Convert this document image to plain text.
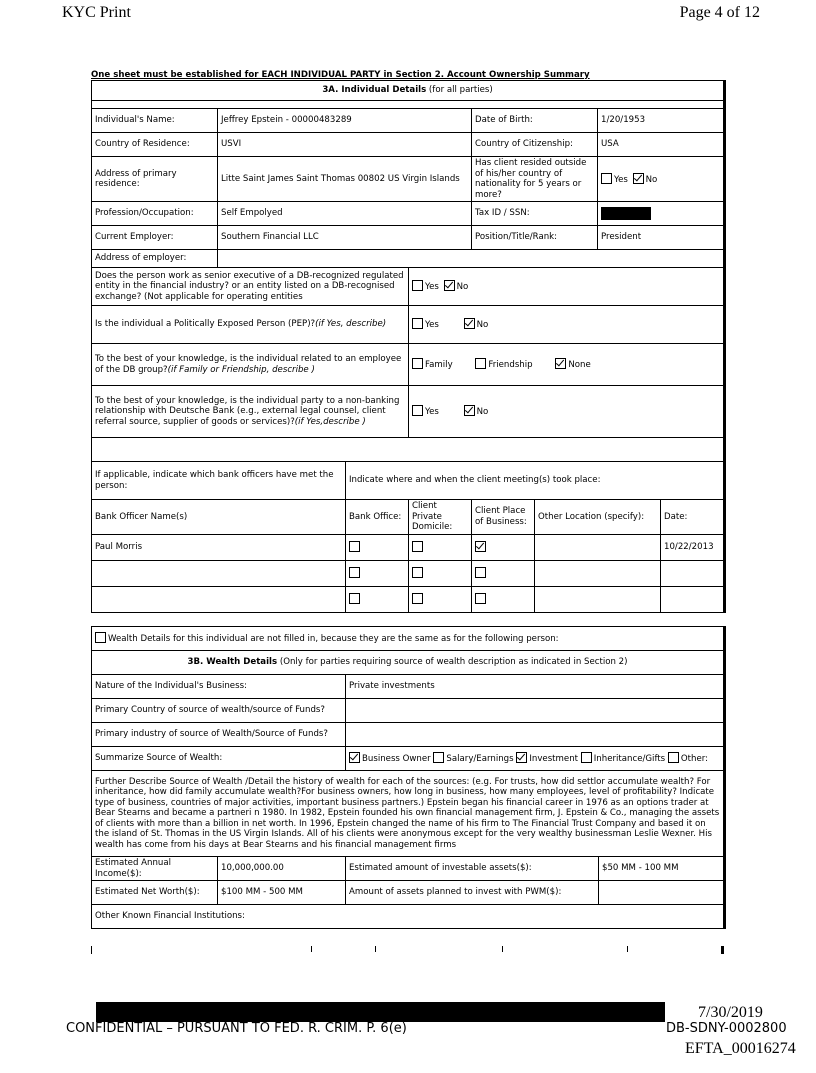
KYC Print	Page 4 of 12
One sheet must be established for EACH INDIVIDUAL PARTY in Section 2. Account Ownership Summary
3A. Individual Details (for all parties)							

Individual's Name:	Jeffrey Epstein - 00000483289			Date of Birth:		1/20/1953	
Country of Residence:	USVI			Country of Citizenship:		USA	
Address of primary residence:	Litte Saint James Saint Thomas 00802 US Virgin Islands			Has client resided outside of his/her country of nationality for 5 years or more?		Yes No	
Profession/Occupation:	Self Empolyed			Tax ID / SSN:			
Current Employer:	Southern Financial LLC			Position/Title/Rank:		President	
Address of employer:							
Does the person work as senior executive of a DB-recognized regulated entity in the financial industry? or an entity listed on a DB-recognised exchange? (Not applicable for operating entities			Yes No				
Is the individual a Politically Exposed Person (PEP)?(if Yes, describe)			Yes No				
To the best of your knowledge, is the individual related to an employee of the DB group?(if Family or Friendship, describe )			Family Friendship None				
To the best of your knowledge, is the individual party to a non-banking relationship with Deutsche Bank (e.g., external legal counsel, client referral source, supplier of goods or services)?(if Yes,describe )			Yes No				

If applicable, indicate which bank officers have met the person:		Indicate where and when the client meeting(s) took place:					
Bank Officer Name(s)		Bank Office:	Client Private Domicile:	Client Place of Business:	Other Location (specify):		Date:
Paul Morris							10/22/2013

Wealth Details for this individual are not filled in, because they are the same as for the following person:			
3B. Wealth Details (Only for parties requiring source of wealth description as indicated in Section 2)			
Nature of the Individual's Business:		Private investments	
Primary Country of source of wealth/source of Funds?			
Primary industry of source of Wealth/Source of Funds?			
Summarize Source of Wealth:		Business Owner Salary/Earnings Investment Inheritance/Gifts Other:	
Further Describe Source of Wealth /Detail the history of wealth for each of the sources: (e.g. For trusts, how did settlor accumulate wealth? For inheritance, how did family accumulate wealth?For business owners, how long in business, how many employees, level of profitability? Indicate type of business, countries of major activities, important business partners.) Epstein began his financial career in 1976 as an options trader at Bear Stearns and became a partneri n 1980. In 1982, Epstein founded his own financial management firm, J. Epstein & Co., managing the assets of clients with more than a billion in net worth. In 1996, Epstein changed the name of his firm to The Financial Trust Company and based it on the island of St. Thomas in the US Virgin Islands. All of his clients were anonymous except for the very wealthy businessman Leslie Wexner. His wealth has come from his days at Bear Stearns and his financial management firms			
Estimated Annual Income($):	10,000,000.00	Estimated amount of investable assets($):	$50 MM - 100 MM
Estimated Net Worth($):	$100 MM - 500 MM	Amount of assets planned to invest with PWM($):	
Other Known Financial Institutions:			
7/30/2019
CONFIDENTIAL – PURSUANT TO FED. R. CRIM. P. 6(e)	DB-SDNY-0002800
EFTA_00016274
